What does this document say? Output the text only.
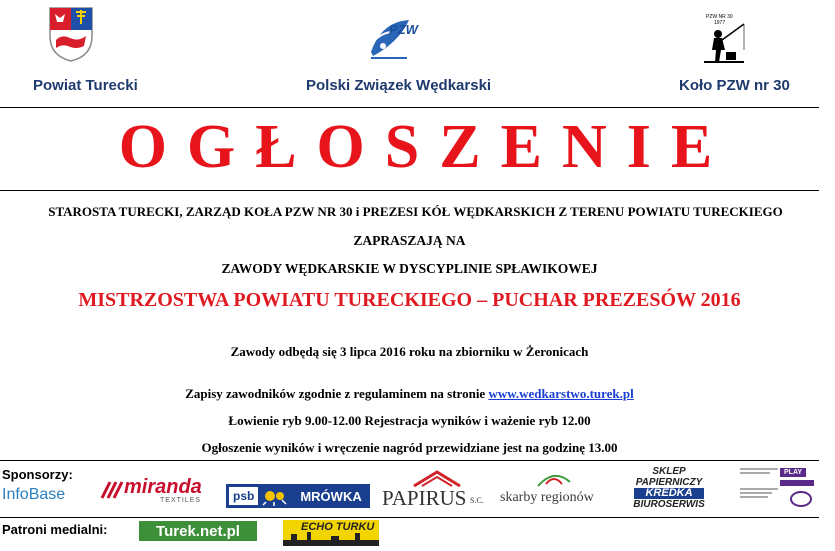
Powiat Turecki
PZW
Polski Związek Wędkarski
PZW NR 30
1977
Koło PZW nr 30
OGŁOSZENIE
STAROSTA TURECKI, ZARZĄD KOŁA PZW NR 30 i PREZESI KÓŁ WĘDKARSKICH Z TERENU POWIATU TURECKIEGO
ZAPRASZAJĄ NA
ZAWODY WĘDKARSKIE W DYSCYPLINIE SPŁAWIKOWEJ
MISTRZOSTWA POWIATU TURECKIEGO – PUCHAR PREZESÓW 2016
Zawody odbędą się 3 lipca 2016 roku na zbiorniku w Żeronicach
Zapisy zawodników zgodnie z regulaminem na stronie www.wedkarstwo.turek.pl
Łowienie ryb 9.00-12.00 Rejestracja wyników i ważenie ryb 12.00
Ogłoszenie wyników i wręczenie nagród przewidziane jest na godzinę 13.00
Sponsorzy:
InfoBase	miranda
TEXTILES	psb	MRÓWKA PAPIRUS S.C. skarby regionów
SKLEP
PAPIERNICZY
KREDKA
BIUROSERWIS
PLAY
Patroni medialni:	Turek.net.pl	ECHO TURKU
